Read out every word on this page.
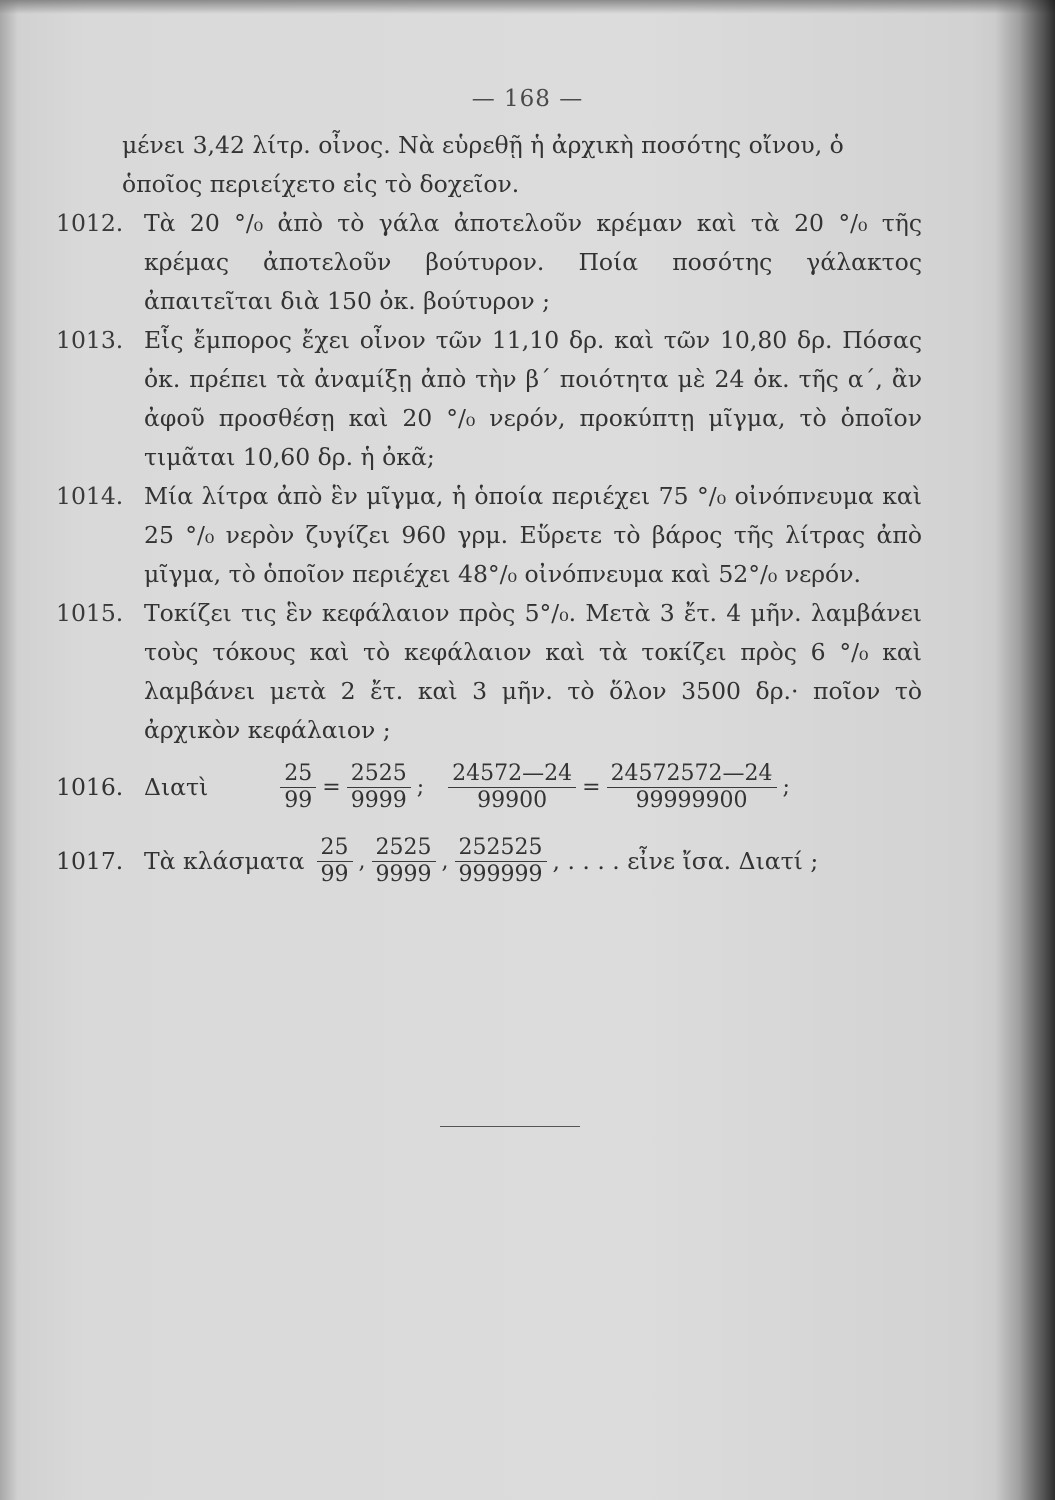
— 168 —
μένει 3,42 λίτρ. οἶνος. Νὰ εὑρεθῇ ἡ ἀρχικὴ ποσότης οἴνου, ὁ
ὁποῖος περιείχετο εἰς τὸ δοχεῖον.
1012. Τὰ 20 °/₀ ἀπὸ τὸ γάλα ἀποτελοῦν κρέμαν καὶ τὰ 20 °/₀ τῆς κρέμας ἀποτελοῦν βούτυρον. Ποία ποσότης γάλακτος ἀπαιτεῖται διὰ 150 ὀκ. βούτυρον ;
1013. Εἷς ἔμπορος ἔχει οἶνον τῶν 11,10 δρ. καὶ τῶν 10,80 δρ. Πόσας ὀκ. πρέπει τὰ ἀναμίξῃ ἀπὸ τὴν β΄ ποιότητα μὲ 24 ὀκ. τῆς α΄, ἂν ἀφοῦ προσθέσῃ καὶ 20 °/₀ νερόν, προκύπτῃ μῖγμα, τὸ ὁποῖον τιμᾶται 10,60 δρ. ἡ ὀκᾶ;
1014. Μία λίτρα ἀπὸ ἓν μῖγμα, ἡ ὁποία περιέχει 75 °/₀ οἰνόπνευμα καὶ 25 °/₀ νερὸν ζυγίζει 960 γρμ. Εὕρετε τὸ βάρος τῆς λίτρας ἀπὸ μῖγμα, τὸ ὁποῖον περιέχει 48°/₀ οἰνόπνευμα καὶ 52°/₀ νερόν.
1015. Τοκίζει τις ἓν κεφάλαιον πρὸς 5°/₀. Μετὰ 3 ἔτ. 4 μῆν. λαμβάνει τοὺς τόκους καὶ τὸ κεφάλαιον καὶ τὰ τοκίζει πρὸς 6 °/₀ καὶ λαμβάνει μετὰ 2 ἔτ. καὶ 3 μῆν. τὸ ὅλον 3500 δρ.· ποῖον τὸ ἀρχικὸν κεφάλαιον ;
1016. Διατὶ	$\frac{25}{99} = \frac{2525}{9999}$ ; $\frac{24572—24}{99900} = \frac{24572572—24}{99999900}$ ;
1017. Τὰ κλάσματα $\frac{25}{99}$ , $\frac{2525}{9999}$ , $\frac{252525}{999999}$ , . . . . εἶνε ἴσα. Διατί ;
